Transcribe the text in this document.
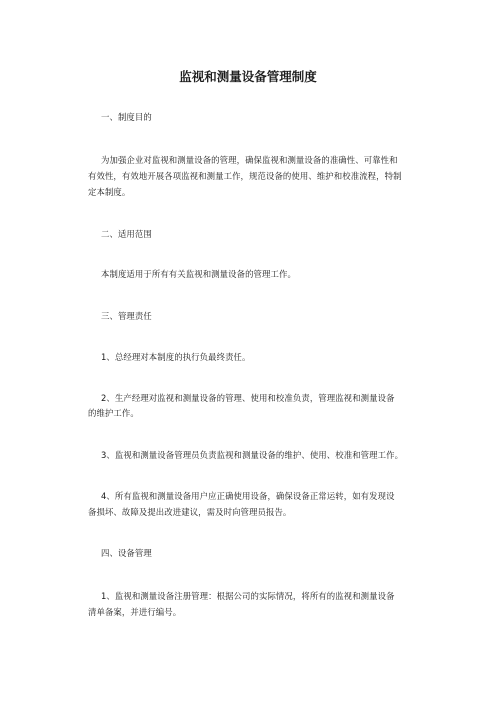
监视和测量设备管理制度
一、制度目的
为加强企业对监视和测量设备的管理，确保监视和测量设备的准确性、可靠性和
有效性，有效地开展各项监视和测量工作，规范设备的使用、维护和校准流程，特制
定本制度。
二、适用范围
本制度适用于所有有关监视和测量设备的管理工作。
三、管理责任
1、总经理对本制度的执行负最终责任。
2、生产经理对监视和测量设备的管理、使用和校准负责，管理监视和测量设备
的维护工作。
3、监视和测量设备管理员负责监视和测量设备的维护、使用、校准和管理工作。
4、所有监视和测量设备用户应正确使用设备，确保设备正常运转，如有发现设
备损坏、故障及提出改进建议，需及时向管理员报告。
四、设备管理
1、监视和测量设备注册管理：根据公司的实际情况，将所有的监视和测量设备
清单备案，并进行编号。
